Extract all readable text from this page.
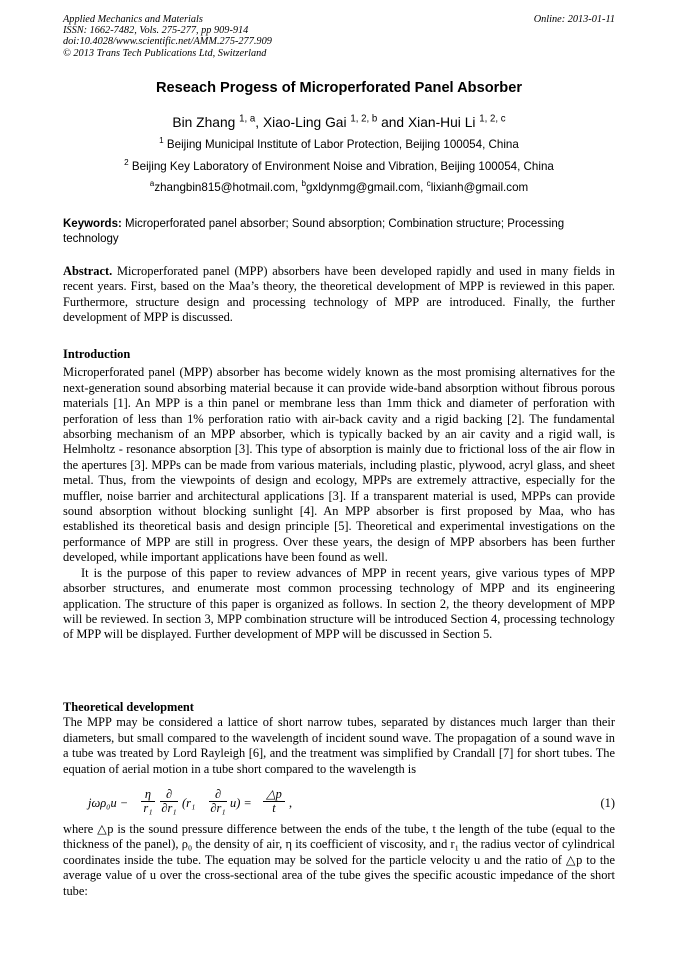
Applied Mechanics and Materials
ISSN: 1662-7482, Vols. 275-277, pp 909-914
doi:10.4028/www.scientific.net/AMM.275-277.909
© 2013 Trans Tech Publications Ltd, Switzerland
Online: 2013-01-11
Reseach Progess of Microperforated Panel Absorber
Bin Zhang $^{1, a}$, Xiao-Ling Gai $^{1, 2, b}$ and Xian-Hui Li $^{1, 2, c}$
$^1$ Beijing Municipal Institute of Labor Protection, Beijing 100054, China
$^2$ Beijing Key Laboratory of Environment Noise and Vibration, Beijing 100054, China
$^a$zhangbin815@hotmail.com, $^b$gxldynmg@gmail.com, $^c$lixianh@gmail.com
Keywords: Microperforated panel absorber; Sound absorption; Combination structure; Processing technology

Abstract. Microperforated panel (MPP) absorbers have been developed rapidly and used in many fields in recent years. First, based on the Maa’s theory, the theoretical development of MPP is reviewed in this paper. Furthermore, structure design and processing technology of MPP are introduced. Finally, the further development of MPP is discussed.

Introduction

Microperforated panel (MPP) absorber has become widely known as the most promising alternatives for the next-generation sound absorbing material because it can provide wide-band absorption without fibrous porous materials [1]. An MPP is a thin panel or membrane less than 1mm thick and diameter of perforation with perforation of less than 1% perforation ratio with air-back cavity and a rigid backing [2]. The fundamental absorbing mechanism of an MPP absorber, which is typically backed by an air cavity and a rigid wall, is Helmholtz - resonance absorption [3]. This type of absorption is mainly due to frictional loss of the air flow in the apertures [3]. MPPs can be made from various materials, including plastic, plywood, acryl glass, and sheet metal. Thus, from the viewpoints of design and ecology, MPPs are extremely attractive, especially for the muffler, noise barrier and architectural applications [3]. If a transparent material is used, MPPs can provide sound absorption without blocking sunlight [4]. An MPP absorber is first proposed by Maa, who has established its theoretical basis and design principle [5]. Theoretical and experimental investigations on the performance of MPP are still in progress. Over these years, the design of MPP absorbers has been further developed, while important applications have been found as well.

It is the purpose of this paper to review advances of MPP in recent years, give various types of MPP absorber structures, and enumerate most common processing technology of MPP and its engineering application. The structure of this paper is organized as follows. In section 2, the theory development of MPP will be reviewed. In section 3, MPP combination structure will be introduced Section 4, processing technology of MPP will be displayed. Further development of MPP will be discussed in Section 5.

Theoretical development

The MPP may be considered a lattice of short narrow tubes, separated by distances much larger than their diameters, but small compared to the wavelength of incident sound wave. The propagation of a sound wave in a tube was treated by Lord Rayleigh [6], and the treatment was simplified by Crandall [7] for short tubes. The equation of aerial motion in a tube short compared to the wavelength is

jωρ₀u −
η
r₁
∂
∂r₁ (r₁
∂
∂r₁ u) =
△p
t	,	(1)

where △p is the sound pressure difference between the ends of the tube, t the length of the tube (equal to the thickness of the panel), ρ₀ the density of air, η its coefficient of viscosity, and r₁ the radius vector of cylindrical coordinates inside the tube. The equation may be solved for the particle velocity u and the ratio of △p to the average value of u over the cross-sectional area of the tube gives the specific acoustic impedance of the short tube:
